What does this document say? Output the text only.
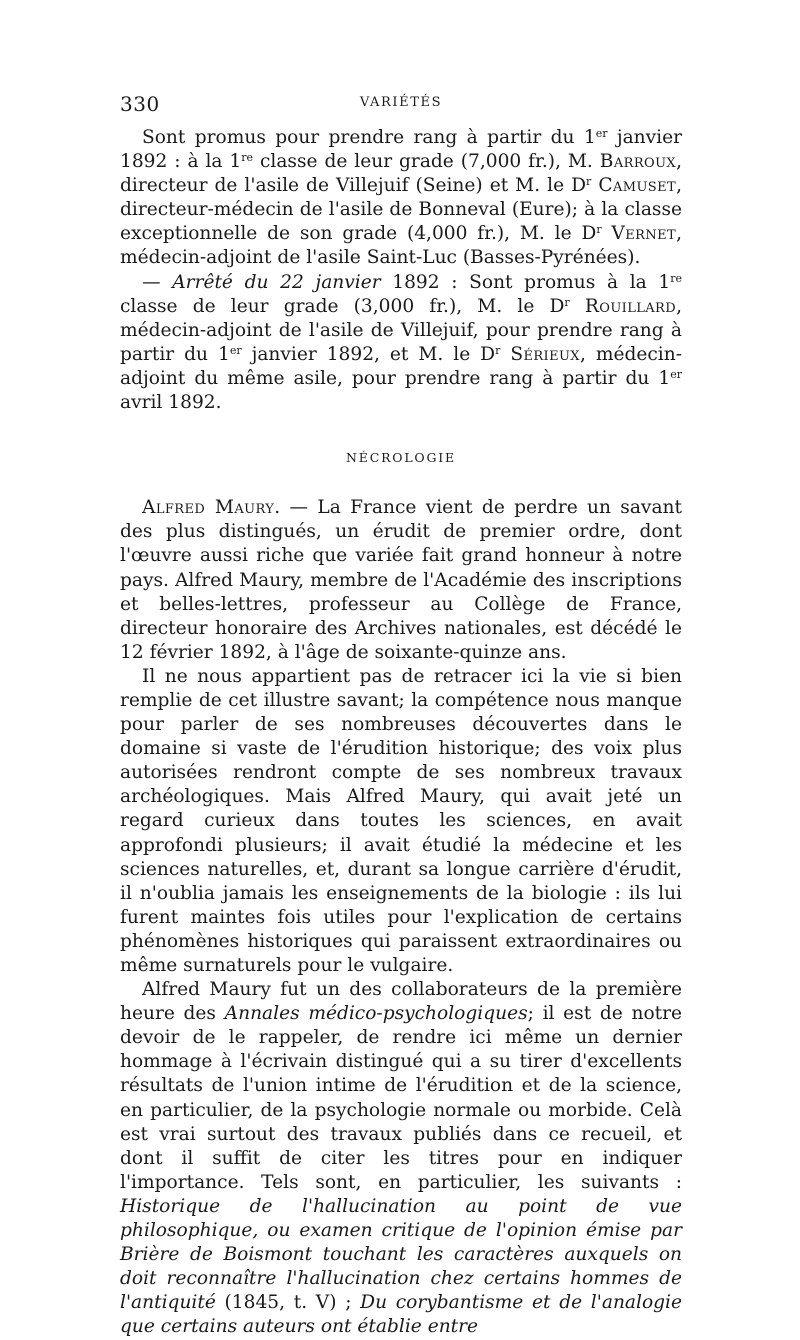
330	VARIÉTÉS

Sont promus pour prendre rang à partir du 1er janvier 1892 : à la 1re classe de leur grade (7,000 fr.), M. Barroux, directeur de l'asile de Villejuif (Seine) et M. le $D^r$ Camuset, directeur-médecin de l'asile de Bonneval (Eure); à la classe exceptionnelle de son grade (4,000 fr.), M. le $D^r$ Vernet, médecin-adjoint de l'asile Saint-Luc (Basses-Pyrénées).

— Arrêté du 22 janvier 1892 : Sont promus à la 1re classe de leur grade (3,000 fr.), M. le $D^r$ Rouillard, médecin-adjoint de l'asile de Villejuif, pour prendre rang à partir du 1er janvier 1892, et M. le $D^r$ Sérieux, médecin-adjoint du même asile, pour prendre rang à partir du 1er avril 1892.

NÉCROLOGIE

Alfred Maury. — La France vient de perdre un savant des plus distingués, un érudit de premier ordre, dont l'œuvre aussi riche que variée fait grand honneur à notre pays. Alfred Maury, membre de l'Académie des inscriptions et belles-lettres, professeur au Collège de France, directeur honoraire des Archives nationales, est décédé le 12 février 1892, à l'âge de soixante-quinze ans.

Il ne nous appartient pas de retracer ici la vie si bien remplie de cet illustre savant; la compétence nous manque pour parler de ses nombreuses découvertes dans le domaine si vaste de l'érudition historique; des voix plus autorisées rendront compte de ses nombreux travaux archéologiques. Mais Alfred Maury, qui avait jeté un regard curieux dans toutes les sciences, en avait approfondi plusieurs; il avait étudié la médecine et les sciences naturelles, et, durant sa longue carrière d'érudit, il n'oublia jamais les enseignements de la biologie : ils lui furent maintes fois utiles pour l'explication de certains phénomènes historiques qui paraissent extraordinaires ou même surnaturels pour le vulgaire.

Alfred Maury fut un des collaborateurs de la première heure des Annales médico-psychologiques; il est de notre devoir de le rappeler, de rendre ici même un dernier hommage à l'écrivain distingué qui a su tirer d'excellents résultats de l'union intime de l'érudition et de la science, en particulier, de la psychologie normale ou morbide. Celà est vrai surtout des travaux publiés dans ce recueil, et dont il suffit de citer les titres pour en indiquer l'importance. Tels sont, en particulier, les suivants : Historique de l'hallucination au point de vue philosophique, ou examen critique de l'opinion émise par Brière de Boismont touchant les caractères auxquels on doit reconnaître l'hallucination chez certains hommes de l'antiquité (1845, t. V) ; Du corybantisme et de l'analogie que certains auteurs ont établie entre
